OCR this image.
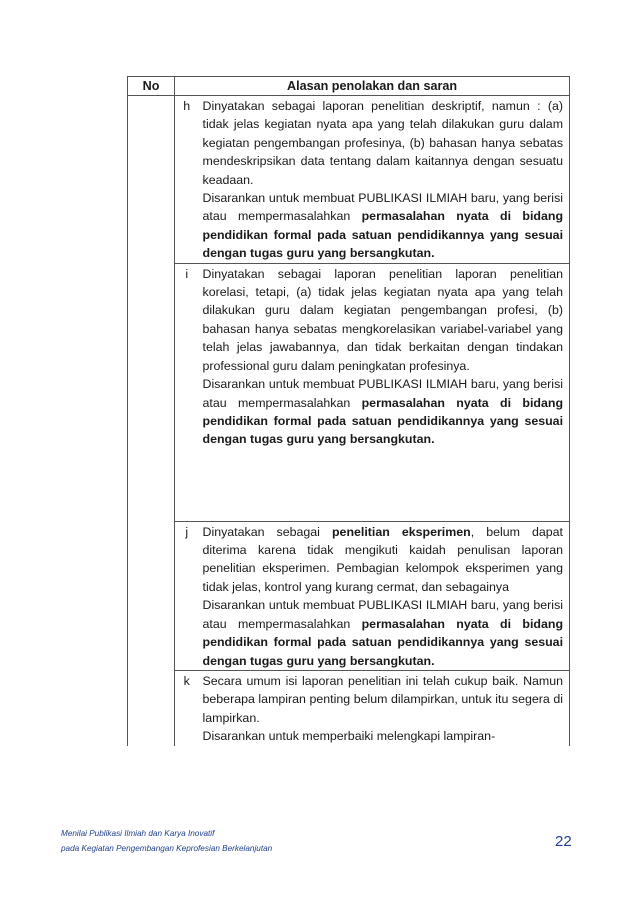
No	Alasan penolakan dan saran	
	h	Dinyatakan sebagai laporan penelitian deskriptif, namun : (a) tidak jelas kegiatan nyata apa yang telah dilakukan guru dalam kegiatan pengembangan profesinya, (b) bahasan hanya sebatas mendeskripsikan data tentang dalam kaitannya dengan sesuatu keadaan.

Disarankan untuk membuat PUBLIKASI ILMIAH baru, yang berisi atau mempermasalahkan permasalahan nyata di bidang pendidikan formal pada satuan pendidikannya yang sesuai dengan tugas guru yang bersangkutan.

	i	Dinyatakan sebagai laporan penelitian laporan penelitian korelasi, tetapi, (a) tidak jelas kegiatan nyata apa yang telah dilakukan guru dalam kegiatan pengembangan profesi, (b) bahasan hanya sebatas mengkorelasikan variabel-variabel yang telah jelas jawabannya, dan tidak berkaitan dengan tindakan professional guru dalam peningkatan profesinya.

Disarankan untuk membuat PUBLIKASI ILMIAH baru, yang berisi atau mempermasalahkan permasalahan nyata di bidang pendidikan formal pada satuan pendidikannya yang sesuai dengan tugas guru yang bersangkutan.

	j	Dinyatakan sebagai penelitian eksperimen, belum dapat diterima karena tidak mengikuti kaidah penulisan laporan penelitian eksperimen. Pembagian kelompok eksperimen yang tidak jelas, kontrol yang kurang cermat, dan sebagainya

Disarankan untuk membuat PUBLIKASI ILMIAH baru, yang berisi atau mempermasalahkan permasalahan nyata di bidang pendidikan formal pada satuan pendidikannya yang sesuai dengan tugas guru yang bersangkutan.

	k	Secara umum isi laporan penelitian ini telah cukup baik. Namun beberapa lampiran penting belum dilampirkan, untuk itu segera di lampirkan.

Disarankan untuk memperbaiki melengkapi lampiran-

Menilai Publikasi Ilmiah dan Karya Inovatif
pada Kegiatan Pengembangan Keprofesian Berkelanjutan	22
